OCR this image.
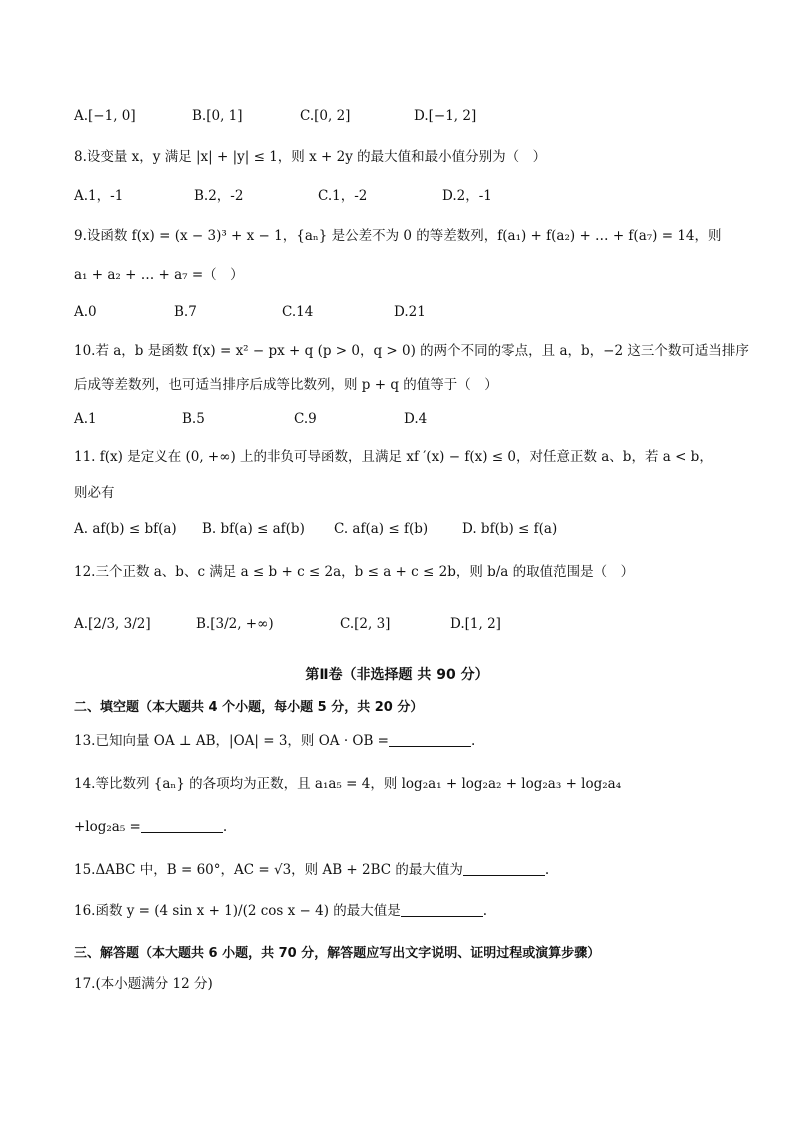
A.[−1, 0]	B.[0, 1]	C.[0, 2]	D.[−1, 2]
8.设变量 x，y 满足 |x| + |y| ≤ 1，则 x + 2y 的最大值和最小值分别为（　）
A.1，-1	B.2，-2	C.1，-2	D.2，-1
9.设函数 f(x) = (x − 3)³ + x − 1，{aₙ} 是公差不为 0 的等差数列，f(a₁) + f(a₂) + … + f(a₇) = 14，则
a₁ + a₂ + … + a₇ =（　）
A.0	B.7	C.14	D.21
10.若 a，b 是函数 f(x) = x² − px + q (p > 0，q > 0) 的两个不同的零点，且 a，b，−2 这三个数可适当排序
后成等差数列，也可适当排序后成等比数列，则 p + q 的值等于（　）
A.1	B.5	C.9	D.4
11. f(x) 是定义在 (0, +∞) 上的非负可导函数，且满足 xf ′(x) − f(x) ≤ 0，对任意正数 a、b，若 a < b，
则必有
A. af(b) ≤ bf(a) B. bf(a) ≤ af(b) C. af(a) ≤ f(b)	D. bf(b) ≤ f(a)
12.三个正数 a、b、c 满足 a ≤ b + c ≤ 2a，b ≤ a + c ≤ 2b，则 b/a 的取值范围是（　）
A.[2/3, 3/2]	B.[3/2, +∞)	C.[2, 3]	D.[1, 2]
第Ⅱ卷（非选择题 共 90 分）
二、填空题（本大题共 4 个小题，每小题 5 分，共 20 分）
13.已知向量 OA ⊥ AB，|OA| = 3，则 OA · OB =	.
14.等比数列 {aₙ} 的各项均为正数，且 a₁a₅ = 4，则 log₂a₁ + log₂a₂ + log₂a₃ + log₂a₄
+log₂a₅ =	.
15.ΔABC 中，B = 60°，AC = √3，则 AB + 2BC 的最大值为	.
16.函数 y = (4 sin x + 1)/(2 cos x − 4) 的最大值是	.
三、解答题（本大题共 6 小题，共 70 分，解答题应写出文字说明、证明过程或演算步骤）
17.(本小题满分 12 分)
